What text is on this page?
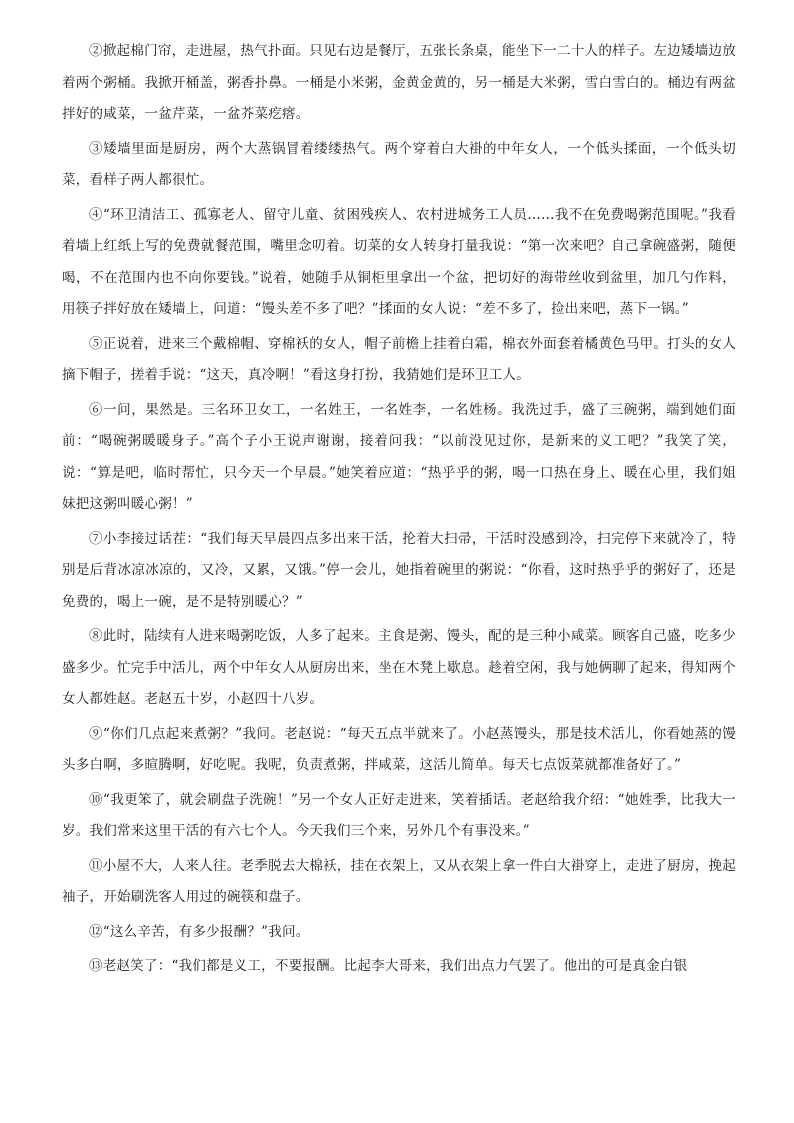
②掀起棉门帘，走进屋，热气扑面。只见右边是餐厅，五张长条桌，能坐下一二十人的样子。左边矮墙边放着两个粥桶。我掀开桶盖，粥香扑鼻。一桶是小米粥，金黄金黄的，另一桶是大米粥，雪白雪白的。桶边有两盆拌好的咸菜，一盆芹菜，一盆芥菜疙瘩。

③矮墙里面是厨房，两个大蒸锅冒着缕缕热气。两个穿着白大褂的中年女人，一个低头揉面，一个低头切菜，看样子两人都很忙。

④“环卫清洁工、孤寡老人、留守儿童、贫困残疾人、农村进城务工人员……我不在免费喝粥范围呢。”我看着墙上红纸上写的免费就餐范围，嘴里念叨着。切菜的女人转身打量我说：“第一次来吧？自己拿碗盛粥，随便喝，不在范围内也不向你要钱。”说着，她随手从铜柜里拿出一个盆，把切好的海带丝收到盆里，加几勺作料，用筷子拌好放在矮墙上，问道：“馒头差不多了吧？”揉面的女人说：“差不多了，捡出来吧，蒸下一锅。”

⑤正说着，进来三个戴棉帽、穿棉袄的女人，帽子前檐上挂着白霜，棉衣外面套着橘黄色马甲。打头的女人摘下帽子，搓着手说：“这天，真冷啊！”看这身打扮，我猜她们是环卫工人。

⑥一问，果然是。三名环卫女工，一名姓王，一名姓李，一名姓杨。我洗过手，盛了三碗粥，端到她们面前：“喝碗粥暖暖身子。”高个子小王说声谢谢，接着问我：“以前没见过你，是新来的义工吧？”我笑了笑，说：“算是吧，临时帮忙，只今天一个早晨。”她笑着应道：“热乎乎的粥，喝一口热在身上、暖在心里，我们姐妹把这粥叫暖心粥！”

⑦小李接过话茬：“我们每天早晨四点多出来干活，抡着大扫帚，干活时没感到冷，扫完停下来就冷了，特别是后背冰凉冰凉的，又冷，又累，又饿。”停一会儿，她指着碗里的粥说：“你看，这时热乎乎的粥好了，还是免费的，喝上一碗，是不是特别暖心？”

⑧此时，陆续有人进来喝粥吃饭，人多了起来。主食是粥、馒头，配的是三种小咸菜。顾客自己盛，吃多少盛多少。忙完手中活儿，两个中年女人从厨房出来，坐在木凳上歇息。趁着空闲，我与她俩聊了起来，得知两个女人都姓赵。老赵五十岁，小赵四十八岁。

⑨“你们几点起来煮粥？”我问。老赵说：“每天五点半就来了。小赵蒸馒头，那是技术活儿，你看她蒸的馒头多白啊，多暄腾啊，好吃呢。我呢，负责煮粥，拌咸菜，这活儿简单。每天七点饭菜就都准备好了。”

⑩“我更笨了，就会刷盘子洗碗！”另一个女人正好走进来，笑着插话。老赵给我介绍：“她姓季，比我大一岁。我们常来这里干活的有六七个人。今天我们三个来，另外几个有事没来。”

⑪小屋不大，人来人往。老季脱去大棉袄，挂在衣架上，又从衣架上拿一件白大褂穿上，走进了厨房，挽起袖子，开始刷洗客人用过的碗筷和盘子。

⑫“这么辛苦，有多少报酬？”我问。

⑬老赵笑了：“我们都是义工，不要报酬。比起李大哥来，我们出点力气罢了。他出的可是真金白银
